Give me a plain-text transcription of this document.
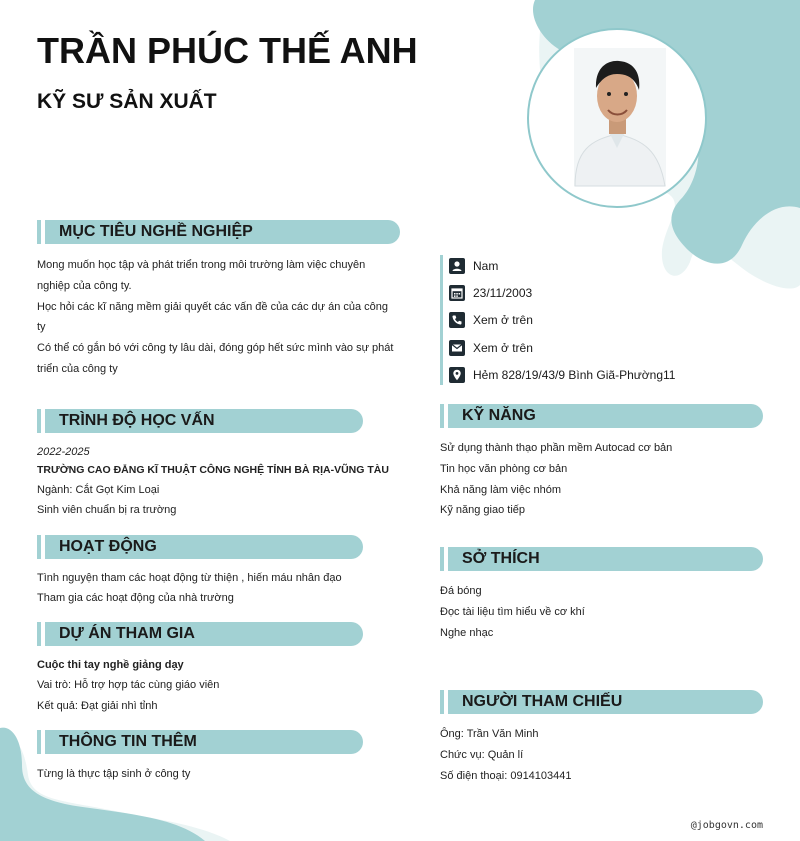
TRẦN PHÚC THẾ ANH
KỸ SƯ SẢN XUẤT
MỤC TIÊU NGHỀ NGHIỆP
Mong muốn học tập và phát triển trong môi trường làm việc chuyên
nghiệp của công ty.
Học hỏi các kĩ năng mềm giải quyết các vấn đề của các dự án của công
ty
Có thể có gắn bó với công ty lâu dài, đóng góp hết sức mình vào sự phát
triển của công ty
TRÌNH ĐỘ HỌC VẤN
2022-2025
TRƯỜNG CAO ĐẲNG KĨ THUẬT CÔNG NGHỆ TỈNH BÀ RỊA-VŨNG TÀU
Ngành: Cắt Gọt Kim Loại
Sinh viên chuẩn bị ra trường
HOẠT ĐỘNG
Tình nguyện tham các hoạt động từ thiện , hiến máu nhân đạo
Tham gia các hoạt động của nhà trường
DỰ ÁN THAM GIA
Cuộc thi tay nghề giảng dạy
Vai trò: Hỗ trợ hợp tác cùng giáo viên
Kết quả: Đạt giải nhì tỉnh
THÔNG TIN THÊM
Từng là thực tập sinh ở công ty
Nam
23/11/2003
Xem ở trên
Xem ở trên
Hẻm 828/19/43/9 Bình Giã-Phường11
KỸ NĂNG
Sử dụng thành thạo phần mềm Autocad cơ bản
Tin học văn phòng cơ bản
Khả năng làm việc nhóm
Kỹ năng giao tiếp
SỞ THÍCH
Đá bóng
Đọc tài liệu tìm hiểu về cơ khí
Nghe nhạc
NGƯỜI THAM CHIẾU
Ông: Trần Văn Minh
Chức vụ: Quản lí
Số điện thoại: 0914103441
@jobgovn.com
